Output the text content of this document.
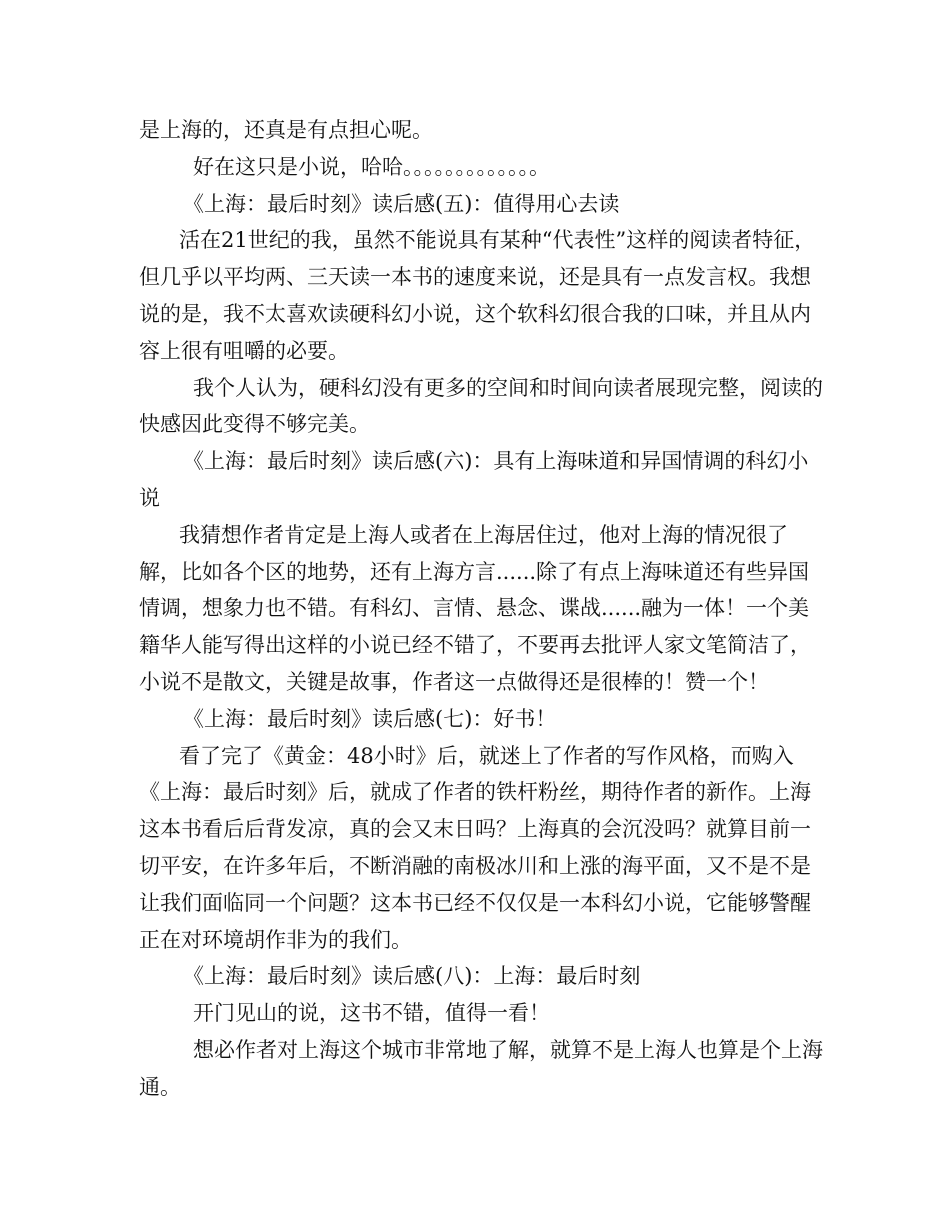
是上海的，还真是有点担心呢。

好在这只是小说，哈哈。。。。。。。。。。。。。

《上海：最后时刻》读后感(五)：值得用心去读

活在21世纪的我，虽然不能说具有某种“代表性”这样的阅读者特征，但几乎以平均两、三天读一本书的速度来说，还是具有一点发言权。我想说的是，我不太喜欢读硬科幻小说，这个软科幻很合我的口味，并且从内容上很有咀嚼的必要。

我个人认为，硬科幻没有更多的空间和时间向读者展现完整，阅读的快感因此变得不够完美。

《上海：最后时刻》读后感(六)：具有上海味道和异国情调的科幻小说

我猜想作者肯定是上海人或者在上海居住过，他对上海的情况很了解，比如各个区的地势，还有上海方言......除了有点上海味道还有些异国情调，想象力也不错。有科幻、言情、悬念、谍战......融为一体！一个美籍华人能写得出这样的小说已经不错了，不要再去批评人家文笔简洁了，小说不是散文，关键是故事，作者这一点做得还是很棒的！赞一个！

《上海：最后时刻》读后感(七)：好书！

看了完了《黄金：48小时》后，就迷上了作者的写作风格，而购入《上海：最后时刻》后，就成了作者的铁杆粉丝，期待作者的新作。上海这本书看后后背发凉，真的会又末日吗？上海真的会沉没吗？就算目前一切平安，在许多年后，不断消融的南极冰川和上涨的海平面，又不是不是让我们面临同一个问题？这本书已经不仅仅是一本科幻小说，它能够警醒正在对环境胡作非为的我们。

《上海：最后时刻》读后感(八)：上海：最后时刻

开门见山的说，这书不错，值得一看！

想必作者对上海这个城市非常地了解，就算不是上海人也算是个上海通。
